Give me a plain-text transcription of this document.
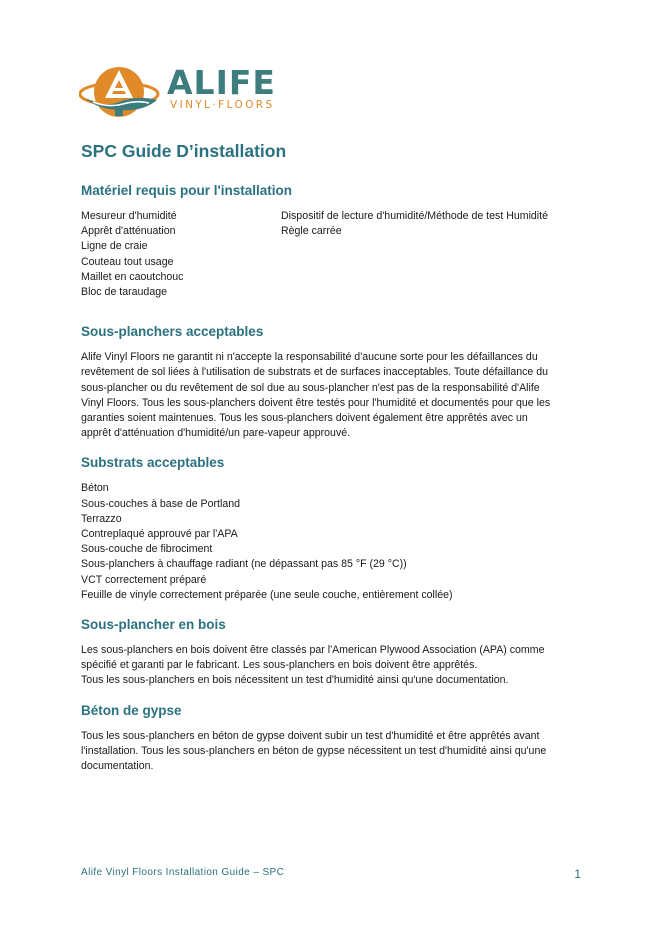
ALIFE
VINYL·FLOORS
SPC Guide D’installation
Matériel requis pour l'installation
Mesureur d'humidité
Apprêt d'atténuation
Ligne de craie
Couteau tout usage
Maillet en caoutchouc
Bloc de taraudage
Dispositif de lecture d'humidité/Méthode de test Humidité
Règle carrée
Sous-planchers acceptables

Alife Vinyl Floors ne garantit ni n'accepte la responsabilité d'aucune sorte pour les défaillances du
revêtement de sol liées à l'utilisation de substrats et de surfaces inacceptables. Toute défaillance du
sous-plancher ou du revêtement de sol due au sous-plancher n'est pas de la responsabilité d'Alife
Vinyl Floors. Tous les sous-planchers doivent être testés pour l'humidité et documentés pour que les
garanties soient maintenues. Tous les sous-planchers doivent également être apprêtés avec un
apprêt d'atténuation d'humidité/un pare-vapeur approuvé.

Substrats acceptables
Béton
Sous-couches à base de Portland
Terrazzo
Contreplaqué approuvé par l'APA
Sous-couche de fibrociment
Sous-planchers à chauffage radiant (ne dépassant pas 85 °F (29 °C))
VCT correctement préparé
Feuille de vinyle correctement préparée (une seule couche, entièrement collée)
Sous-plancher en bois
Les sous-planchers en bois doivent être classés par l'American Plywood Association (APA) comme
spécifié et garanti par le fabricant. Les sous-planchers en bois doivent être apprêtés.
Tous les sous-planchers en bois nécessitent un test d'humidité ainsi qu'une documentation.
Béton de gypse
Tous les sous-planchers en béton de gypse doivent subir un test d'humidité et être apprêtés avant
l'installation. Tous les sous-planchers en béton de gypse nécessitent un test d'humidité ainsi qu'une
documentation.
Alife Vinyl Floors Installation Guide – SPC	1
